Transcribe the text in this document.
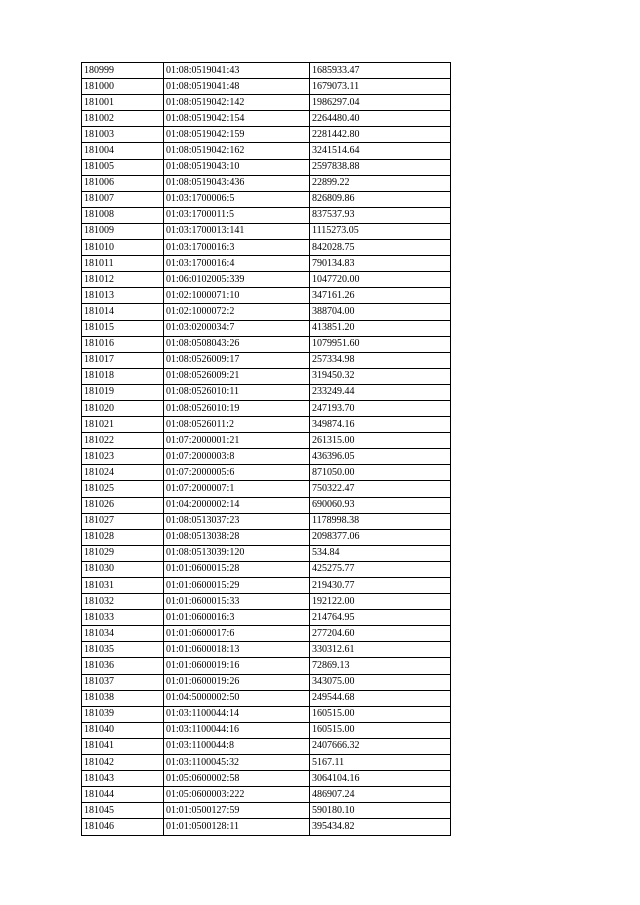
180999	01:08:0519041:43	1685933.47
181000	01:08:0519041:48	1679073.11
181001	01:08:0519042:142	1986297.04
181002	01:08:0519042:154	2264480.40
181003	01:08:0519042:159	2281442.80
181004	01:08:0519042:162	3241514.64
181005	01:08:0519043:10	2597838.88
181006	01:08:0519043:436	22899.22
181007	01:03:1700006:5	826809.86
181008	01:03:1700011:5	837537.93
181009	01:03:1700013:141	1115273.05
181010	01:03:1700016:3	842028.75
181011	01:03:1700016:4	790134.83
181012	01:06:0102005:339	1047720.00
181013	01:02:1000071:10	347161.26
181014	01:02:1000072:2	388704.00
181015	01:03:0200034:7	413851.20
181016	01:08:0508043:26	1079951.60
181017	01:08:0526009:17	257334.98
181018	01:08:0526009:21	319450.32
181019	01:08:0526010:11	233249.44
181020	01:08:0526010:19	247193.70
181021	01:08:0526011:2	349874.16
181022	01:07:2000001:21	261315.00
181023	01:07:2000003:8	436396.05
181024	01:07:2000005:6	871050.00
181025	01:07:2000007:1	750322.47
181026	01:04:2000002:14	690060.93
181027	01:08:0513037:23	1178998.38
181028	01:08:0513038:28	2098377.06
181029	01:08:0513039:120	534.84
181030	01:01:0600015:28	425275.77
181031	01:01:0600015:29	219430.77
181032	01:01:0600015:33	192122.00
181033	01:01:0600016:3	214764.95
181034	01:01:0600017:6	277204.60
181035	01:01:0600018:13	330312.61
181036	01:01:0600019:16	72869.13
181037	01:01:0600019:26	343075.00
181038	01:04:5000002:50	249544.68
181039	01:03:1100044:14	160515.00
181040	01:03:1100044:16	160515.00
181041	01:03:1100044:8	2407666.32
181042	01:03:1100045:32	5167.11
181043	01:05:0600002:58	3064104.16
181044	01:05:0600003:222	486907.24
181045	01:01:0500127:59	590180.10
181046	01:01:0500128:11	395434.82
